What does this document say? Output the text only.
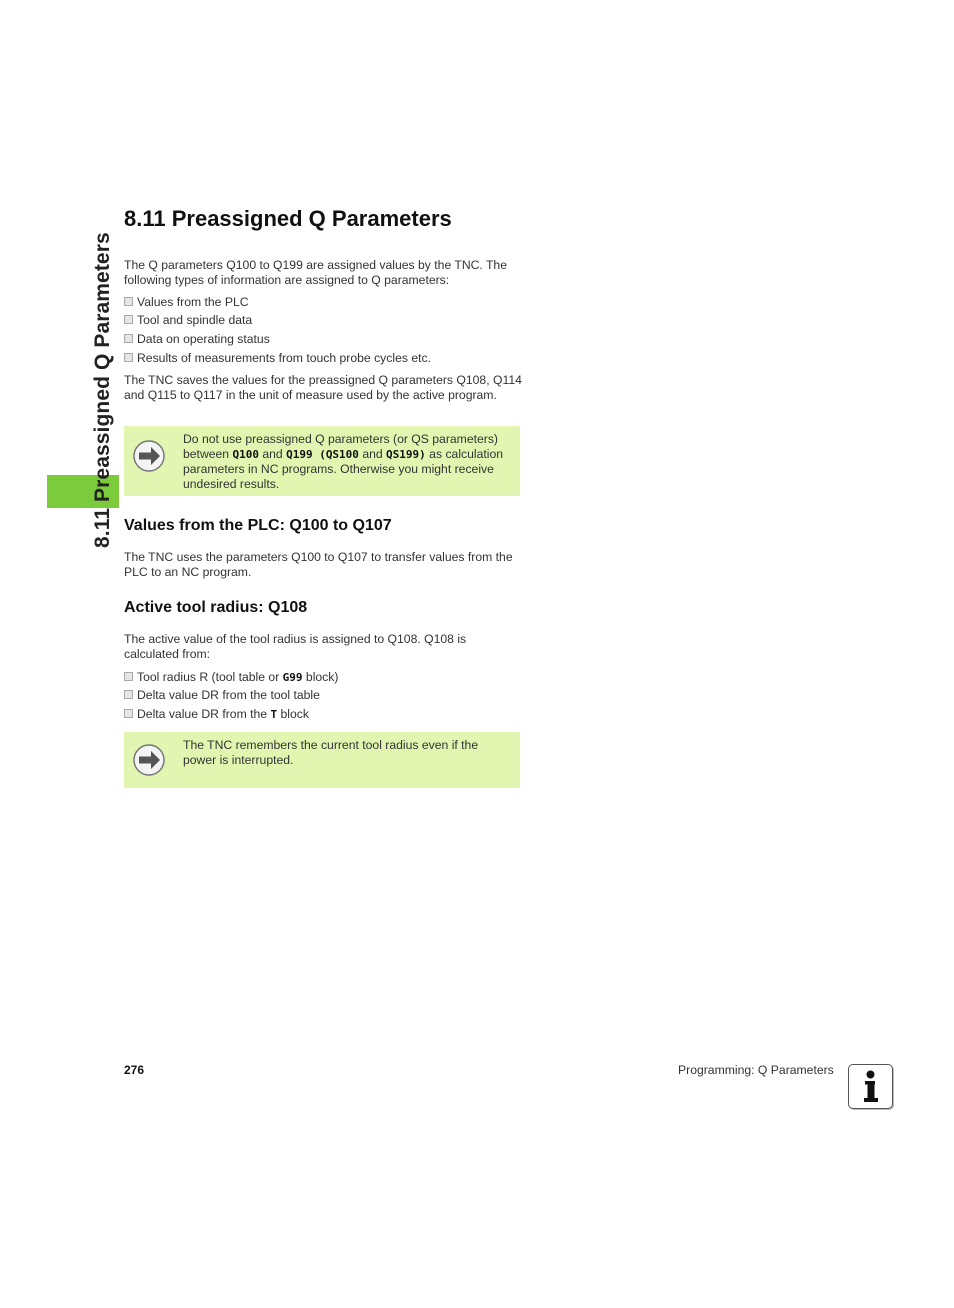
8.11 Preassigned Q Parameters
8.11 Preassigned Q Parameters

The Q parameters Q100 to Q199 are assigned values by the TNC. The following types of information are assigned to Q parameters:

Values from the PLC
Tool and spindle data
Data on operating status
Results of measurements from touch probe cycles etc.

The TNC saves the values for the preassigned Q parameters Q108, Q114 and Q115 to Q117 in the unit of measure used by the active program.

Do not use preassigned Q parameters (or QS parameters) between Q100 and Q199 (QS100 and QS199) as calculation parameters in NC programs. Otherwise you might receive undesired results.
Values from the PLC: Q100 to Q107

The TNC uses the parameters Q100 to Q107 to transfer values from the PLC to an NC program.

Active tool radius: Q108

The active value of the tool radius is assigned to Q108. Q108 is calculated from:

Tool radius R (tool table or G99 block)
Delta value DR from the tool table
Delta value DR from the T block
The TNC remembers the current tool radius even if the power is interrupted.
276	Programming: Q Parameters
